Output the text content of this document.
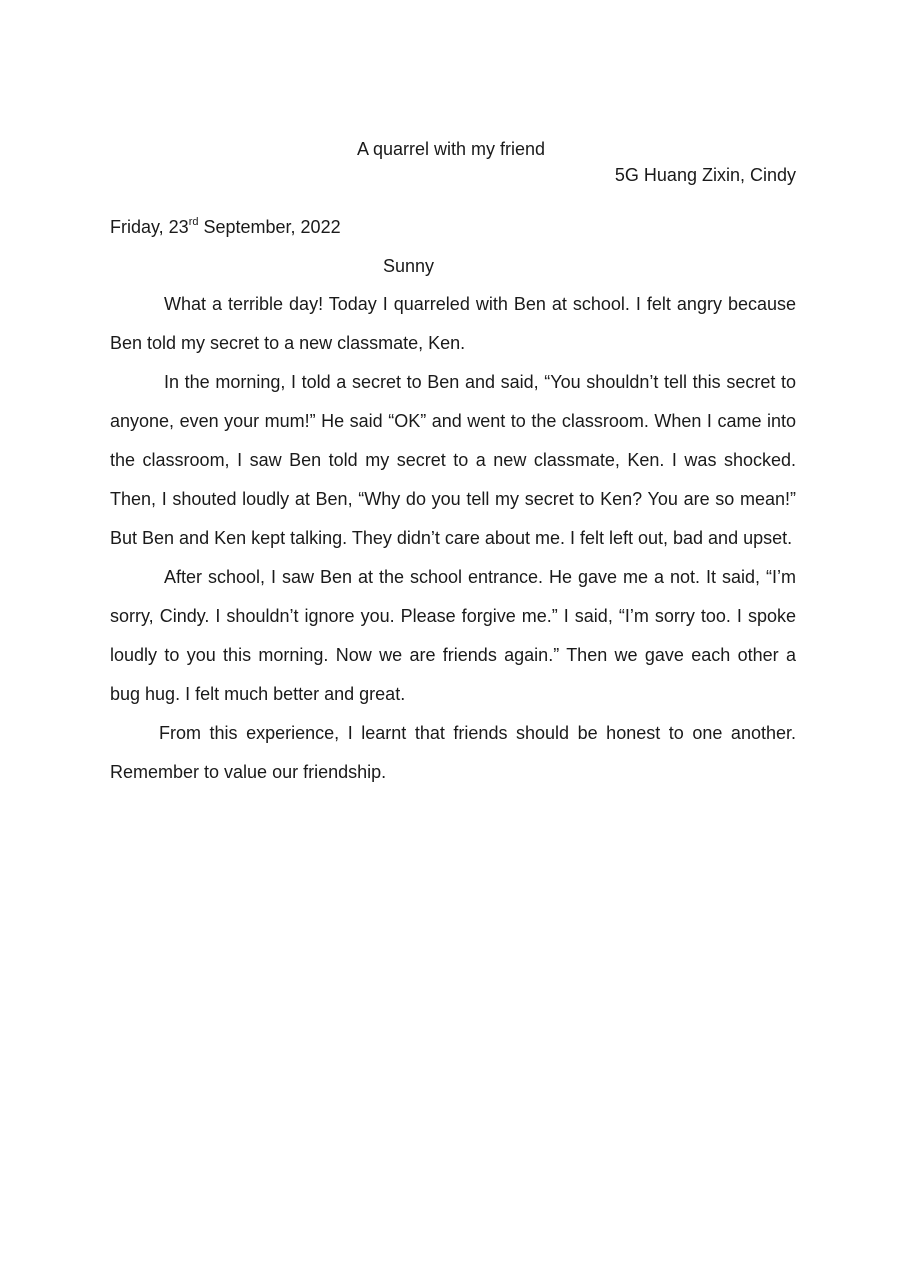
A quarrel with my friend
5G Huang Zixin, Cindy
Friday, 23rd September, 2022
Sunny

What a terrible day! Today I quarreled with Ben at school. I felt angry because Ben told my secret to a new classmate, Ken.

In the morning, I told a secret to Ben and said, “You shouldn’t tell this secret to anyone, even your mum!” He said “OK” and went to the classroom. When I came into the classroom, I saw Ben told my secret to a new classmate, Ken. I was shocked. Then, I shouted loudly at Ben, “Why do you tell my secret to Ken? You are so mean!” But Ben and Ken kept talking. They didn’t care about me. I felt left out, bad and upset.

After school, I saw Ben at the school entrance. He gave me a not. It said, “I’m sorry, Cindy. I shouldn’t ignore you. Please forgive me.” I said, “I’m sorry too. I spoke loudly to you this morning. Now we are friends again.” Then we gave each other a bug hug. I felt much better and great.

From this experience, I learnt that friends should be honest to one another. Remember to value our friendship.
